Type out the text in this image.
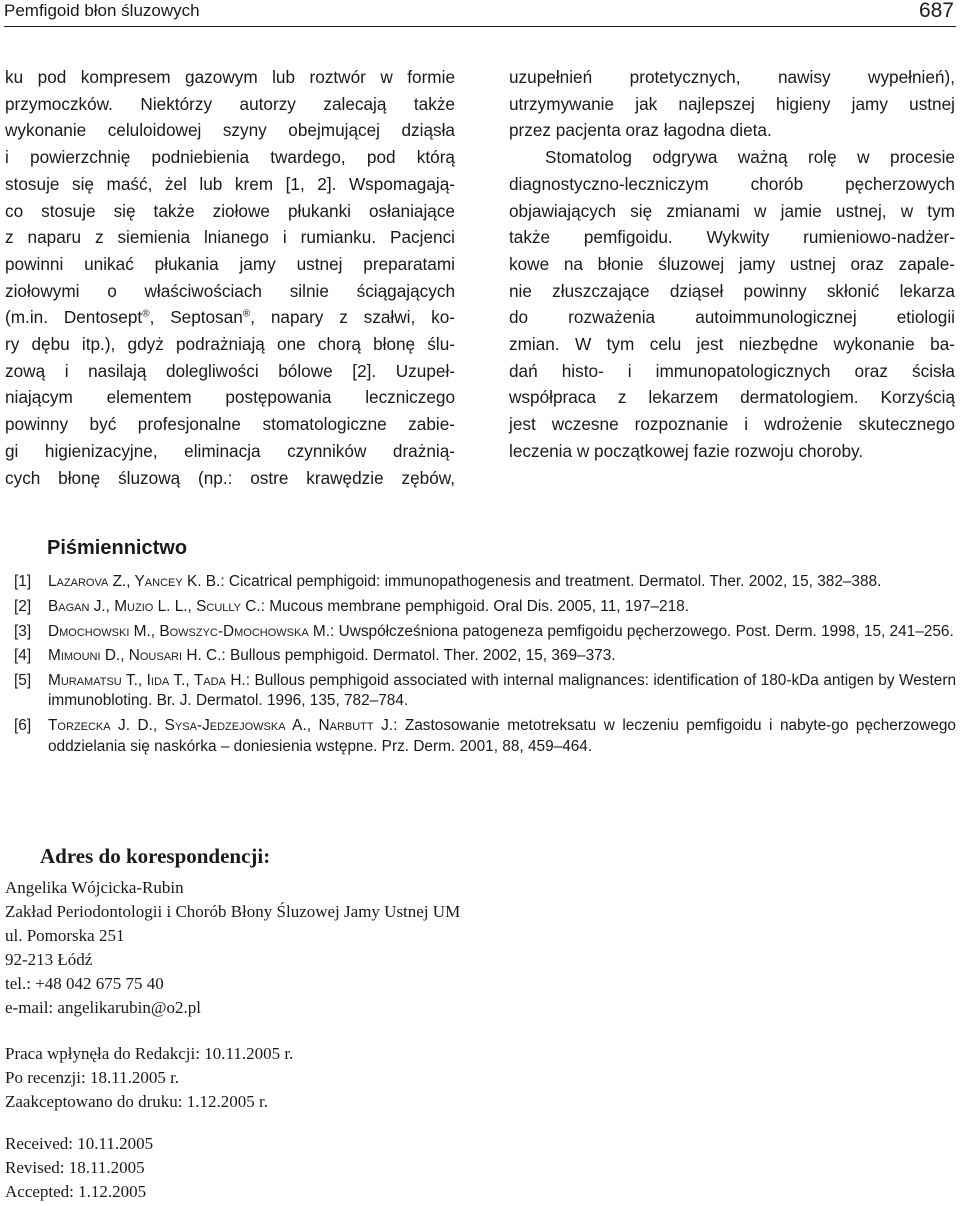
Pemfigoid błon śluzowych	687

ku pod kompresem gazowym lub roztwór w formie
przymoczków. Niektórzy autorzy zalecają także
wykonanie celuloidowej szyny obejmującej dziąsła
i powierzchnię podniebienia twardego, pod którą
stosuje się maść, żel lub krem [1, 2]. Wspomagają-
co stosuje się także ziołowe płukanki osłaniające
z naparu z siemienia lnianego i rumianku. Pacjenci
powinni unikać płukania jamy ustnej preparatami
ziołowymi o właściwościach silnie ściągających
(m.in. Dentosept®, Septosan®, napary z szałwi, ko-
ry dębu itp.), gdyż podrażniają one chorą błonę ślu-
zową i nasilają dolegliwości bólowe [2]. Uzupeł-
niającym elementem postępowania leczniczego
powinny być profesjonalne stomatologiczne zabie-
gi higienizacyjne, eliminacja czynników drażnią-
cych błonę śluzową (np.: ostre krawędzie zębów,

uzupełnień protetycznych, nawisy wypełnień),
utrzymywanie jak najlepszej higieny jamy ustnej
przez pacjenta oraz łagodna dieta.

Stomatolog odgrywa ważną rolę w procesie
diagnostyczno-leczniczym chorób pęcherzowych
objawiających się zmianami w jamie ustnej, w tym
także pemfigoidu. Wykwity rumieniowo-nadżer-
kowe na błonie śluzowej jamy ustnej oraz zapale-
nie złuszczające dziąseł powinny skłonić lekarza
do rozważenia autoimmunologicznej etiologii
zmian. W tym celu jest niezbędne wykonanie ba-
dań histo- i immunopatologicznych oraz ścisła
współpraca z lekarzem dermatologiem. Korzyścią
jest wczesne rozpoznanie i wdrożenie skutecznego
leczenia w początkowej fazie rozwoju choroby.

Piśmiennictwo
[1] Lazarova Z., Yancey K. B.: Cicatrical pemphigoid: immunopathogenesis and treatment. Dermatol. Ther. 2002, 15, 382–388.
[2] Bagan J., Muzio L. L., Scully C.: Mucous membrane pemphigoid. Oral Dis. 2005, 11, 197–218.
[3] Dmochowski M., Bowszyc-Dmochowska M.: Uwspółcześniona patogeneza pemfigoidu pęcherzowego. Post. Derm. 1998, 15, 241–256.
[4] Mimouni D., Nousari H. C.: Bullous pemphigoid. Dermatol. Ther. 2002, 15, 369–373.
[5] Muramatsu T., Iida T., Tada H.: Bullous pemphigoid associated with internal malignances: identification of 180-kDa antigen by Western immunobloting. Br. J. Dermatol. 1996, 135, 782–784.
[6] Torzecka J. D., Sysa-Jedzejowska A., Narbutt J.: Zastosowanie metotreksatu w leczeniu pemfigoidu i nabyte-go pęcherzowego oddzielania się naskórka – doniesienia wstępne. Prz. Derm. 2001, 88, 459–464.
Adres do korespondencji:
Angelika Wójcicka-Rubin
Zakład Periodontologii i Chorób Błony Śluzowej Jamy Ustnej UM
ul. Pomorska 251
92-213 Łódź
tel.: +48 042 675 75 40
e-mail: angelikarubin@o2.pl
Praca wpłynęła do Redakcji: 10.11.2005 r.
Po recenzji: 18.11.2005 r.
Zaakceptowano do druku: 1.12.2005 r.
Received: 10.11.2005
Revised: 18.11.2005
Accepted: 1.12.2005
